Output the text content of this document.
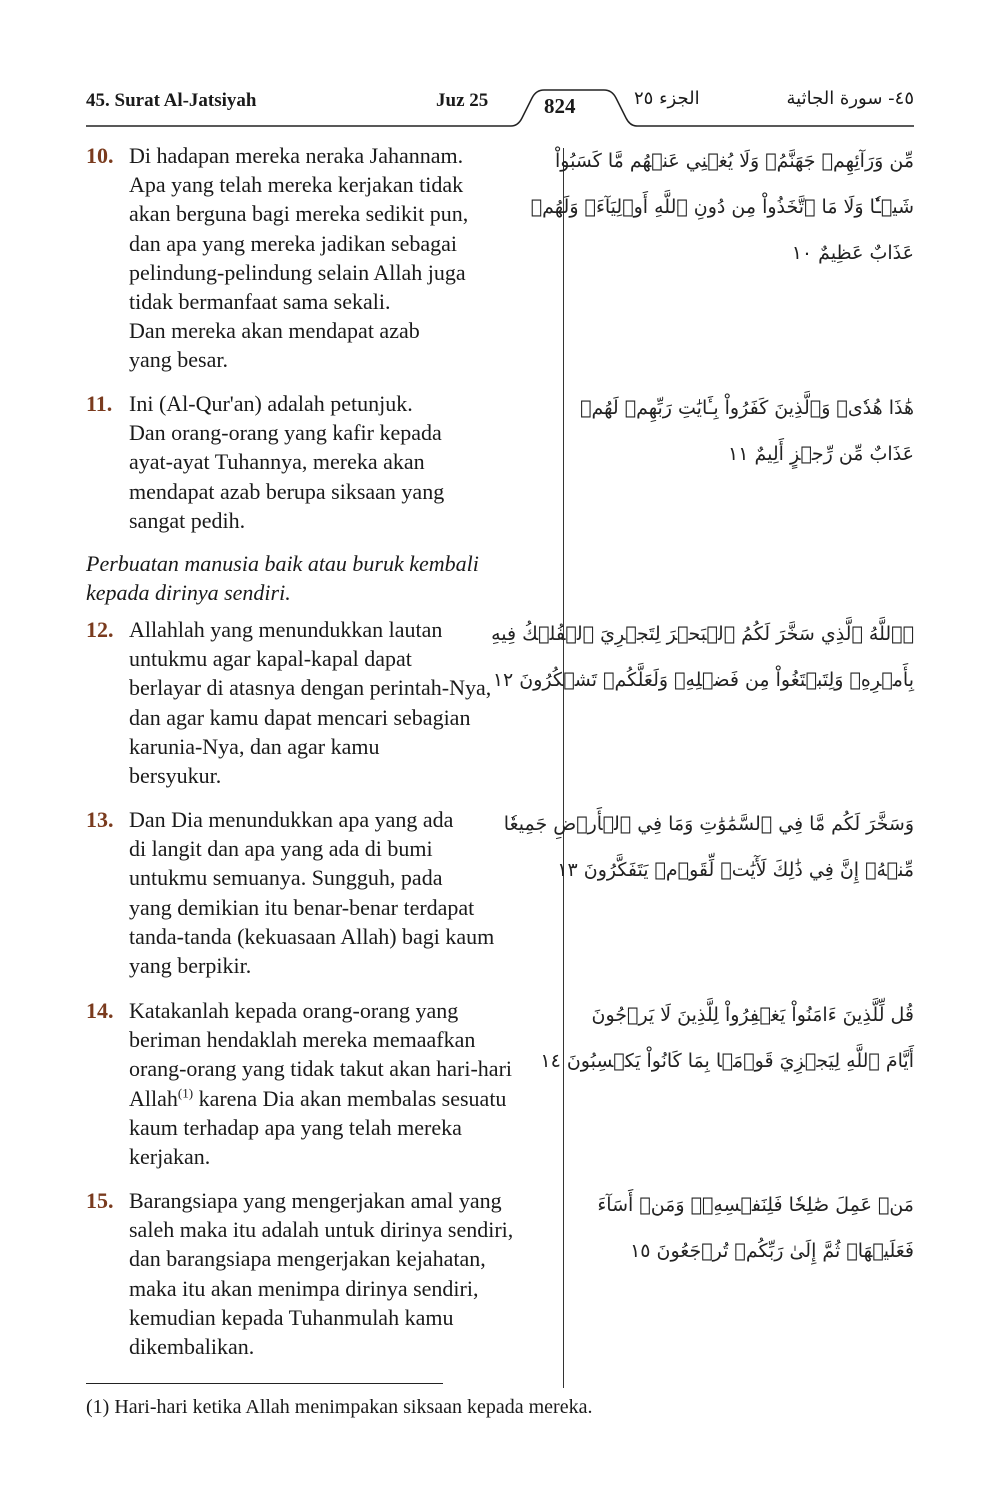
45. Surat Al-Jatsiyah	Juz 25	824	الجزء ٢٥	٤٥- سورة الجاثية
10. Di hadapan mereka neraka Jahannam.
Apa yang telah mereka kerjakan tidak
akan berguna bagi mereka sedikit pun,
dan apa yang mereka jadikan sebagai
pelindung-pelindung selain Allah juga
tidak bermanfaat sama sekali.
Dan mereka akan mendapat azab
yang besar.
مِّن وَرَآئِهِمۡ جَهَنَّمُۖ وَلَا يُغۡنِي عَنۡهُم مَّا كَسَبُواْ
شَيۡـٔٗا وَلَا مَا ٱتَّخَذُواْ مِن دُونِ ٱللَّهِ أَوۡلِيَآءَۖ وَلَهُمۡ
عَذَابٌ عَظِيمٌ ١٠
11. Ini (Al-Qur'an) adalah petunjuk.
Dan orang-orang yang kafir kepada
ayat-ayat Tuhannya, mereka akan
mendapat azab berupa siksaan yang
sangat pedih.
هَٰذَا هُدٗىۖ وَٱلَّذِينَ كَفَرُواْ بِـَٔايَٰتِ رَبِّهِمۡ لَهُمۡ
عَذَابٌ مِّن رِّجۡزٍ أَلِيمٌ ١١
Perbuatan manusia baik atau buruk kembali
kepada dirinya sendiri.
12. Allahlah yang menundukkan lautan
untukmu agar kapal-kapal dapat
berlayar di atasnya dengan perintah-Nya,
dan agar kamu dapat mencari sebagian
karunia-Nya, dan agar kamu
bersyukur.
۞ٱللَّهُ ٱلَّذِي سَخَّرَ لَكُمُ ٱلۡبَحۡرَ لِتَجۡرِيَ ٱلۡفُلۡكُ فِيهِ
بِأَمۡرِهِۦ وَلِتَبۡتَغُواْ مِن فَضۡلِهِۦ وَلَعَلَّكُمۡ تَشۡكُرُونَ ١٢
13. Dan Dia menundukkan apa yang ada
di langit dan apa yang ada di bumi
untukmu semuanya. Sungguh, pada
yang demikian itu benar-benar terdapat
tanda-tanda (kekuasaan Allah) bagi kaum
yang berpikir.
وَسَخَّرَ لَكُم مَّا فِي ٱلسَّمَٰوَٰتِ وَمَا فِي ٱلۡأَرۡضِ جَمِيعٗا
مِّنۡهُۚ إِنَّ فِي ذَٰلِكَ لَأٓيَٰتٖ لِّقَوۡمٖ يَتَفَكَّرُونَ ١٣
14. Katakanlah kepada orang-orang yang
beriman hendaklah mereka memaafkan
orang-orang yang tidak takut akan hari-hari
Allah$^{(1)}$ karena Dia akan membalas sesuatu
kaum terhadap apa yang telah mereka
kerjakan.
قُل لِّلَّذِينَ ءَامَنُواْ يَغۡفِرُواْ لِلَّذِينَ لَا يَرۡجُونَ
أَيَّامَ ٱللَّهِ لِيَجۡزِيَ قَوۡمَۢا بِمَا كَانُواْ يَكۡسِبُونَ ١٤
15. Barangsiapa yang mengerjakan amal yang
saleh maka itu adalah untuk dirinya sendiri,
dan barangsiapa mengerjakan kejahatan,
maka itu akan menimpa dirinya sendiri,
kemudian kepada Tuhanmulah kamu
dikembalikan.
مَنۡ عَمِلَ صَٰلِحٗا فَلِنَفۡسِهِۦۖ وَمَنۡ أَسَآءَ
فَعَلَيۡهَاۖ ثُمَّ إِلَىٰ رَبِّكُمۡ تُرۡجَعُونَ ١٥
(1) Hari-hari ketika Allah menimpakan siksaan kepada mereka.
